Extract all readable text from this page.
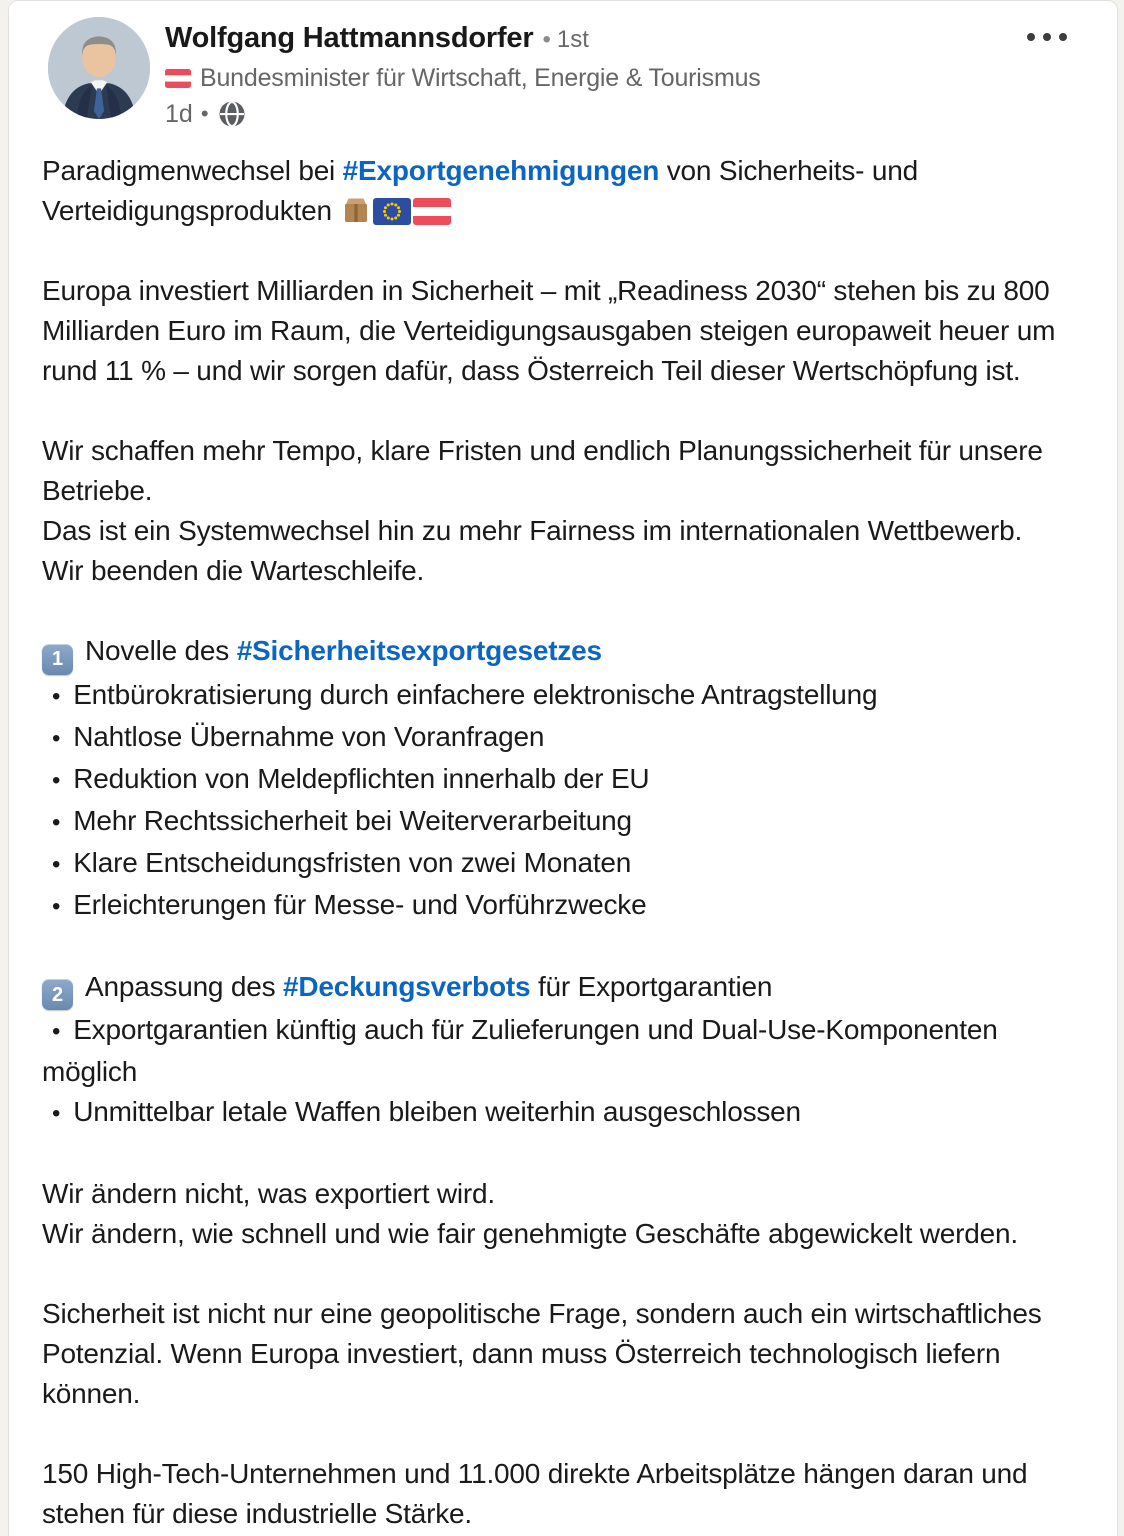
Wolfgang Hattmannsdorfer • 1st
Bundesminister für Wirtschaft, Energie & Tourismus
1d •
Paradigmenwechsel bei #Exportgenehmigungen von Sicherheits- und Verteidigungsprodukten
Europa investiert Milliarden in Sicherheit – mit „Readiness 2030“ stehen bis zu 800 Milliarden Euro im Raum, die Verteidigungsausgaben steigen europaweit heuer um rund 11 % – und wir sorgen dafür, dass Österreich Teil dieser Wertschöpfung ist.
Wir schaffen mehr Tempo, klare Fristen und endlich Planungssicherheit für unsere Betriebe.
Das ist ein Systemwechsel hin zu mehr Fairness im internationalen Wettbewerb.
Wir beenden die Warteschleife.
1 Novelle des #Sicherheitsexportgesetzes
• Entbürokratisierung durch einfachere elektronische Antragstellung
• Nahtlose Übernahme von Voranfragen
• Reduktion von Meldepflichten innerhalb der EU
• Mehr Rechtssicherheit bei Weiterverarbeitung
• Klare Entscheidungsfristen von zwei Monaten
• Erleichterungen für Messe- und Vorführzwecke
2 Anpassung des #Deckungsverbots für Exportgarantien
• Exportgarantien künftig auch für Zulieferungen und Dual-Use-Komponenten möglich
• Unmittelbar letale Waffen bleiben weiterhin ausgeschlossen
Wir ändern nicht, was exportiert wird.
Wir ändern, wie schnell und wie fair genehmigte Geschäfte abgewickelt werden.
Sicherheit ist nicht nur eine geopolitische Frage, sondern auch ein wirtschaftliches Potenzial. Wenn Europa investiert, dann muss Österreich technologisch liefern können.
150 High-Tech-Unternehmen und 11.000 direkte Arbeitsplätze hängen daran und stehen für diese industrielle Stärke.
